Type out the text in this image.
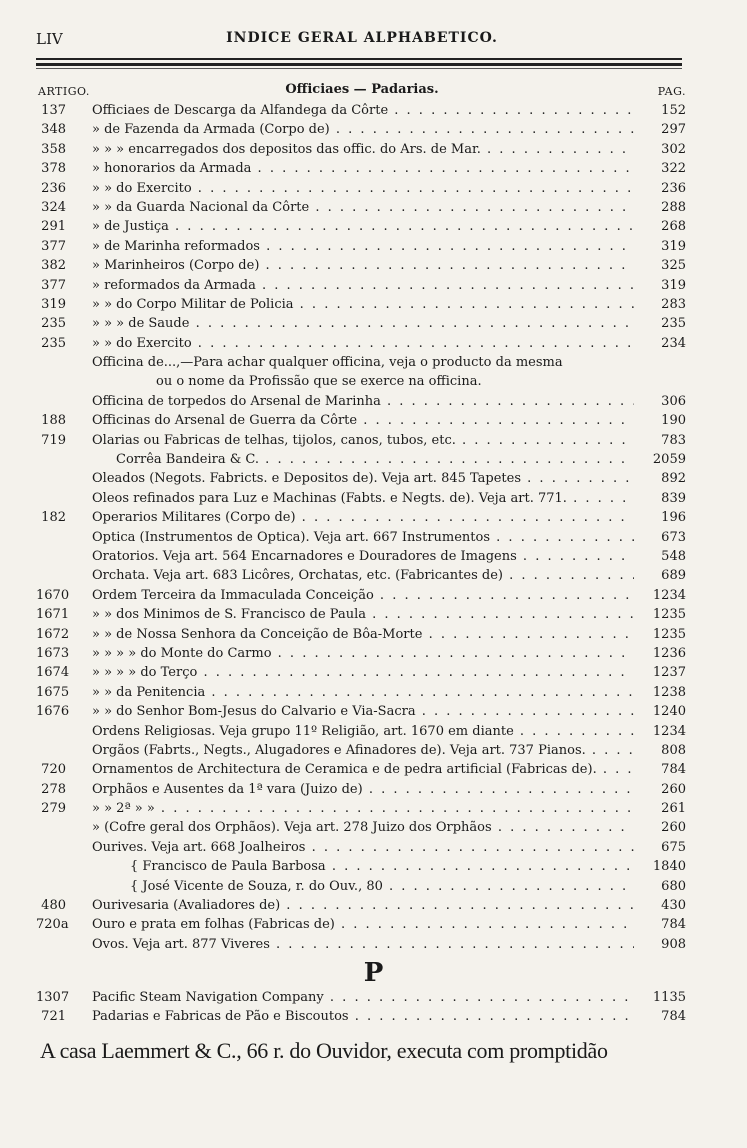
LIV	INDICE GERAL ALPHABETICO.
ARTIGO.	Officiaes — Padarias.	PAG.
137 Officiaes de Descarga da Alfandega da Côrte . . .	152
348 » de Fazenda da Armada (Corpo de) . . .	297
358 » » » encarregados dos depositos das offic. do Ars. de Mar. . . .	302
378 » honorarios da Armada . . .	322
236 » » do Exercito . . .	236
324 » » da Guarda Nacional da Côrte . . .	288
291 » de Justiça . . .	268
377 » de Marinha reformados . . .	319
382 » Marinheiros (Corpo de) . . .	325
377 » reformados da Armada . . .	319
319 » » do Corpo Militar de Policia . . .	283
235 » » » de Saude . . .	235
235 » » do Exercito . . .	234
Officina de...,—Para achar qualquer officina, veja o producto da mesma
ou o nome da Profissão que se exerce na officina.
Officina de torpedos do Arsenal de Marinha . . .	306
188 Officinas do Arsenal de Guerra da Côrte . . .	190
719 Olarias ou Fabricas de telhas, tijolos, canos, tubos, etc. . . .	783
Corrêa Bandeira & C. . . .	2059
Oleados (Negots. Fabricts. e Depositos de). Veja art. 845 Tapetes . . .	892
Oleos refinados para Luz e Machinas (Fabts. e Negts. de). Veja art. 771. . . .	839
182 Operarios Militares (Corpo de) . . .	196
Optica (Instrumentos de Optica). Veja art. 667 Instrumentos . . .	673
Oratorios. Veja art. 564 Encarnadores e Douradores de Imagens . . .	548
Orchata. Veja art. 683 Licôres, Orchatas, etc. (Fabricantes de) . . .	689
1670 Ordem Terceira da Immaculada Conceição . . .	1234
1671 » » dos Minimos de S. Francisco de Paula . . .	1235
1672 » » de Nossa Senhora da Conceição de Bôa-Morte . . .	1235
1673 » » » » do Monte do Carmo . . .	1236
1674 » » » » do Terço . . .	1237
1675 » » da Penitencia . . .	1238
1676 » » do Senhor Bom-Jesus do Calvario e Via-Sacra . . .	1240
Ordens Religiosas. Veja grupo 11º Religião, art. 1670 em diante . . .	1234
Orgãos (Fabrts., Negts., Alugadores e Afinadores de). Veja art. 737 Pianos. . . .	808
720 Ornamentos de Architectura de Ceramica e de pedra artificial (Fabricas de). . . .	784
278 Orphãos e Ausentes da 1ª vara (Juizo de) . . .	260
279 » » 2ª » » . . .	261
» (Cofre geral dos Orphãos). Veja art. 278 Juizo dos Orphãos . . .	260
Ourives. Veja art. 668 Joalheiros . . .	675
{ Francisco de Paula Barbosa . . .	1840
{ José Vicente de Souza, r. do Ouv., 80 . . .	680
480 Ourivesaria (Avaliadores de) . . .	430
720a Ouro e prata em folhas (Fabricas de) . . .	784
Ovos. Veja art. 877 Viveres . . .	908
P
1307 Pacific Steam Navigation Company . . .	1135
721 Padarias e Fabricas de Pão e Biscoutos . . .	784
A casa Laemmert & C., 66 r. do Ouvidor, executa com promptidão
